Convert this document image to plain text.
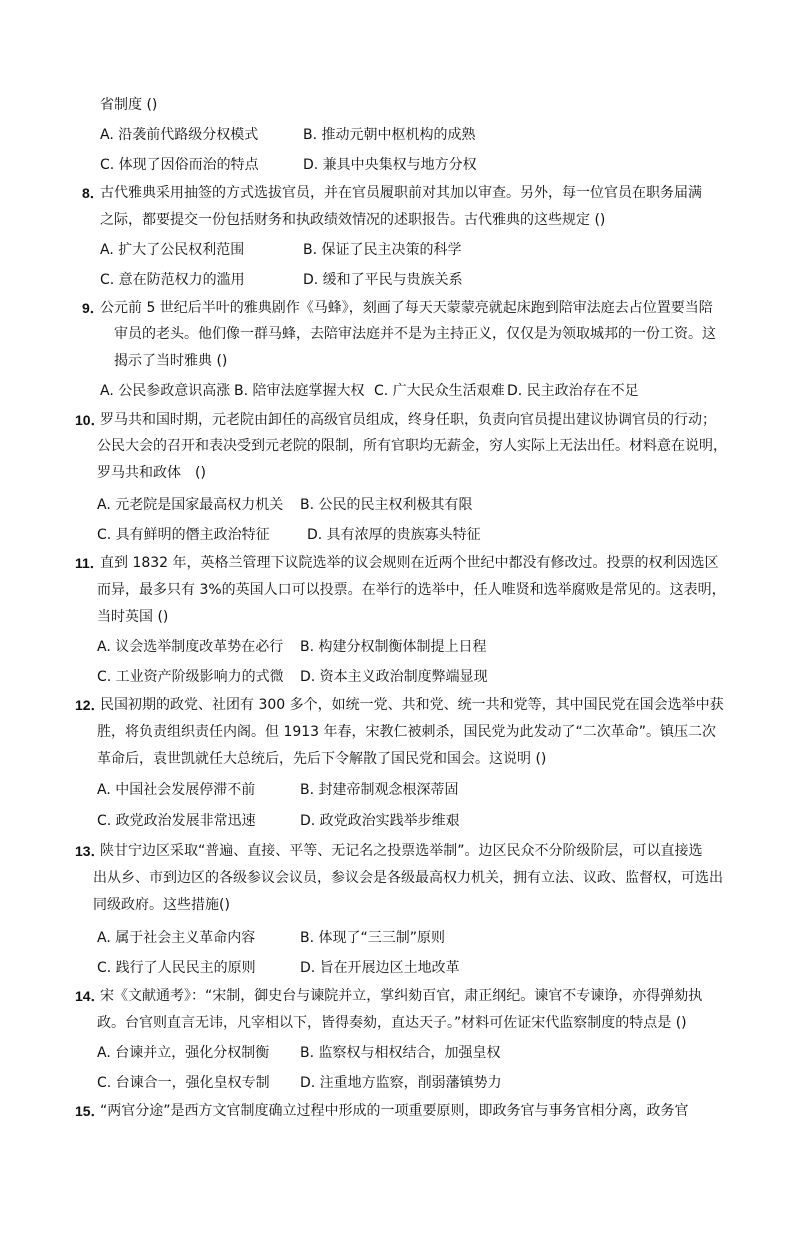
省制度 ()
A. 沿袭前代路级分权模式	B. 推动元朝中枢机构的成熟
C. 体现了因俗而治的特点	D. 兼具中央集权与地方分权
8．
古代雅典采用抽签的方式选拔官员，并在官员履职前对其加以审查。另外，每一位官员在职务届满
之际，都要提交一份包括财务和执政绩效情况的述职报告。古代雅典的这些规定 ()
A. 扩大了公民权利范围	B. 保证了民主决策的科学
C. 意在防范权力的滥用	D. 缓和了平民与贵族关系
9．
公元前 5 世纪后半叶的雅典剧作《马蜂》，刻画了每天天蒙蒙亮就起床跑到陪审法庭去占位置要当陪
审员的老头。他们像一群马蜂，去陪审法庭并不是为主持正义，仅仅是为领取城邦的一份工资。这
揭示了当时雅典 ()
A. 公民参政意识高涨 B. 陪审法庭掌握大权 C. 广大民众生活艰难 D. 民主政治存在不足
10．
罗马共和国时期，元老院由卸任的高级官员组成，终身任职，负责向官员提出建议协调官员的行动；
公民大会的召开和表决受到元老院的限制，所有官职均无薪金，穷人实际上无法出任。材料意在说明，
罗马共和政体　()
A. 元老院是国家最高权力机关 B. 公民的民主权利极其有限
C. 具有鲜明的僭主政治特征	D. 具有浓厚的贵族寡头特征
11．
直到 1832 年，英格兰管理下议院选举的议会规则在近两个世纪中都没有修改过。投票的权利因选区
而异，最多只有 3%的英国人口可以投票。在举行的选举中，任人唯贤和选举腐败是常见的。这表明，
当时英国 ()
A. 议会选举制度改革势在必行 B. 构建分权制衡体制提上日程
C. 工业资产阶级影响力的式微 D. 资本主义政治制度弊端显现
12．
民国初期的政党、社团有 300 多个，如统一党、共和党、统一共和党等，其中国民党在国会选举中获
胜，将负责组织责任内阁。但 1913 年春，宋教仁被刺杀，国民党为此发动了“二次革命”。镇压二次
革命后，袁世凯就任大总统后，先后下令解散了国民党和国会。这说明 ()
A. 中国社会发展停滞不前	B. 封建帝制观念根深蒂固
C. 政党政治发展非常迅速	D. 政党政治实践举步维艰
13．
陕甘宁边区采取“普遍、直接、平等、无记名之投票选举制”。边区民众不分阶级阶层，可以直接选
出从乡、市到边区的各级参议会议员，参议会是各级最高权力机关，拥有立法、议政、监督权，可选出
同级政府。这些措施()
A. 属于社会主义革命内容	B. 体现了“三三制”原则
C. 践行了人民民主的原则	D. 旨在开展边区土地改革
14．
宋《文献通考》：“宋制，御史台与谏院并立，掌纠劾百官，肃正纲纪。谏官不专谏诤，亦得弹劾执
政。台官则直言无讳，凡宰相以下，皆得奏劾，直达天子。”材料可佐证宋代监察制度的特点是 ()
A. 台谏并立，强化分权制衡 B. 监察权与相权结合，加强皇权
C. 台谏合一，强化皇权专制 D. 注重地方监察，削弱藩镇势力
15．
“两官分途”是西方文官制度确立过程中形成的一项重要原则，即政务官与事务官相分离，政务官
